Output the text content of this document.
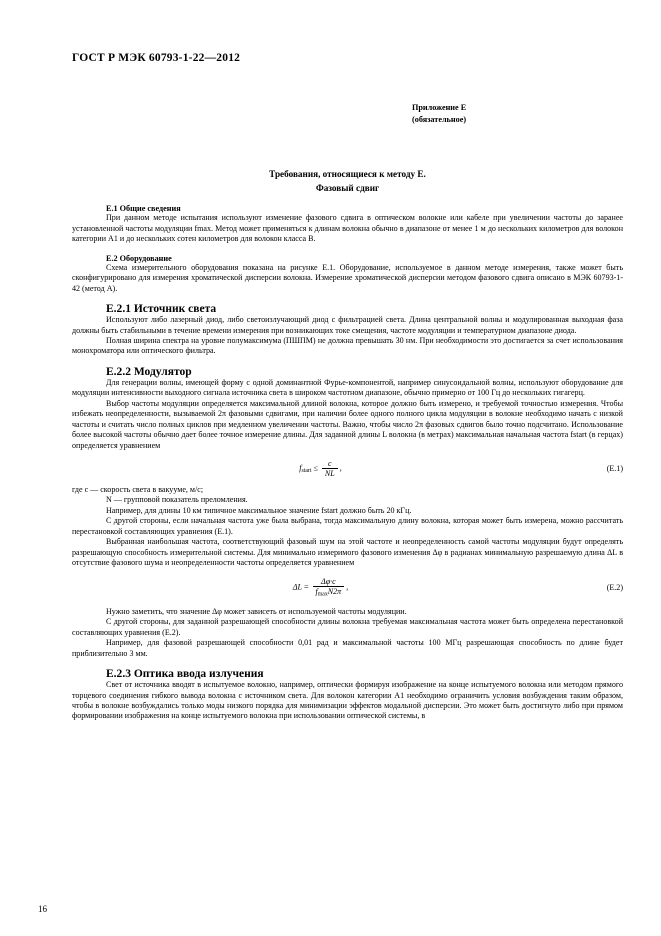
ГОСТ Р МЭК 60793-1-22—2012
Приложение Е
(обязательное)
Требования, относящиеся к методу Е.
Фазовый сдвиг
Е.1 Общие сведения

При данном методе испытания используют изменение фазового сдвига в оптическом волокне или кабеле при увеличении частоты до заранее установленной частоты модуляции fmax. Метод может применяться к длинам волокна обычно в диапазоне от менее 1 м до нескольких километров для волокон категории А1 и до нескольких сотен километров для волокон класса В.

Е.2 Оборудование

Схема измерительного оборудования показана на рисунке Е.1. Оборудование, используемое в данном методе измерения, также может быть сконфигурировано для измерения хроматической дисперсии волокна. Измерение хроматической дисперсии методом фазового сдвига описано в МЭК 60793-1-42 (метод А).

Е.2.1 Источник света

Используют либо лазерный диод, либо светоизлучающий диод с фильтрацией света. Длина центральной волны и модулированная выходная фаза должны быть стабильными в течение времени измерения при возникающих токе смещения, частоте модуляции и температурном диапазоне диода.

Полная ширина спектра на уровне полумаксимума (ПШПМ) не должна превышать 30 нм. При необходимости это достигается за счет использования монохроматора или оптического фильтра.

Е.2.2 Модулятор

Для генерации волны, имеющей форму с одной доминантной Фурье-компонентой, например синусоидальной волны, используют оборудование для модуляции интенсивности выходного сигнала источника света в широком частотном диапазоне, обычно примерно от 100 Гц до нескольких гигагерц.

Выбор частоты модуляции определяется максимальной длиной волокна, которое должно быть измерено, и требуемой точностью измерения. Чтобы избежать неопределенности, вызываемой 2π фазовыми сдвигами, при наличии более одного полного цикла модуляции в волокне необходимо начать с низкой частоты и считать число полных циклов при медленном увеличении частоты. Важно, чтобы число 2π фазовых сдвигов было точно подсчитано. Использование более высокой частоты обычно дает более точное измерение длины. Для заданной длины L волокна (в метрах) максимальная начальная частота fstart (в герцах) определяется уравнением

$f_{start} \le \frac{c}{NL}$ ,	(Е.1)
где c — скорость света в вакууме, м/с;
N — групповой показатель преломления.

Например, для длины 10 км типичное максимальное значение fstart должно быть 20 кГц.

С другой стороны, если начальная частота уже была выбрана, тогда максимальную длину волокна, которая может быть измерена, можно рассчитать перестановкой составляющих уравнения (Е.1).

Выбранная наибольшая частота, соответствующий фазовый шум на этой частоте и неопределенность самой частоты модуляции будут определять разрешающую способность измерительной системы. Для минимально измеримого фазового изменения Δφ в радианах минимальную разрешаемую длина ΔL в отсутствие фазового шума и неопределенности частоты определяется уравнением

$\Delta L = \frac{\Delta\varphi\cdot c}{f_{max}N2\pi}$ ,	(Е.2)

Нужно заметить, что значение Δφ может зависеть от используемой частоты модуляции.

С другой стороны, для заданной разрешающей способности длины волокна требуемая максимальная частота может быть определена перестановкой составляющих уравнения (Е.2).

Например, для фазовой разрешающей способности 0,01 рад и максимальной частоты 100 МГц разрешающая способность по длине будет приблизительно 3 мм.

Е.2.3 Оптика ввода излучения

Свет от источника вводят в испытуемое волокно, например, оптически формируя изображение на конце испытуемого волокна или методом прямого торцевого соединения гибкого вывода волокна с источником света. Для волокон категории А1 необходимо ограничить условия возбуждения таким образом, чтобы в волокне возбуждались только моды низкого порядка для минимизации эффектов модальной дисперсии. Это может быть достигнуто либо при прямом формировании изображения на конце испытуемого волокна при использовании оптической системы, в

16
